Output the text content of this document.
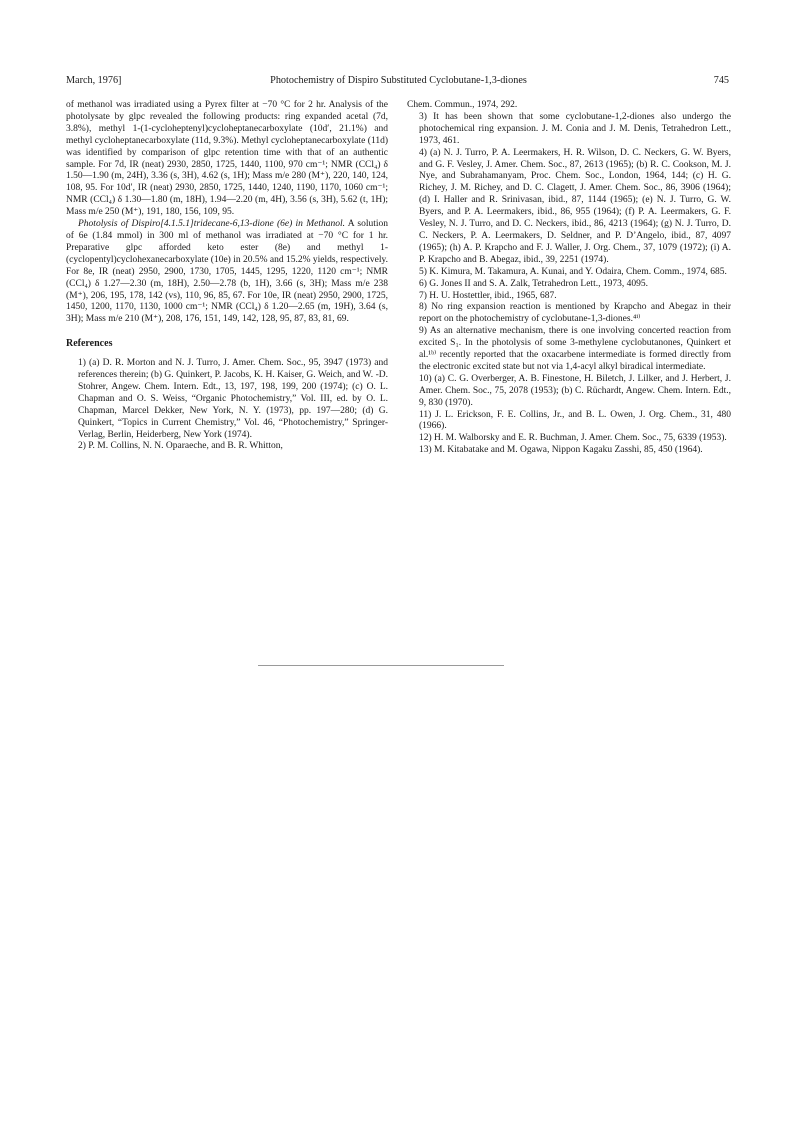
March, 1976]	Photochemistry of Dispiro Substituted Cyclobutane-1,3-diones	745

of methanol was irradiated using a Pyrex filter at −70 °C for 2 hr. Analysis of the photolysate by glpc revealed the following products: ring expanded acetal (7d, 3.8%), methyl 1-(1-cycloheptenyl)cycloheptanecarboxylate (10d′, 21.1%) and methyl cycloheptanecarboxylate (11d, 9.3%). Methyl cycloheptanecarboxylate (11d) was identified by comparison of glpc retention time with that of an authentic sample. For 7d, IR (neat) 2930, 2850, 1725, 1440, 1100, 970 cm⁻¹; NMR (CCl₄) δ 1.50—1.90 (m, 24H), 3.36 (s, 3H), 4.62 (s, 1H); Mass m/e 280 (M⁺), 220, 140, 124, 108, 95. For 10d′, IR (neat) 2930, 2850, 1725, 1440, 1240, 1190, 1170, 1060 cm⁻¹; NMR (CCl₄) δ 1.30—1.80 (m, 18H), 1.94—2.20 (m, 4H), 3.56 (s, 3H), 5.62 (t, 1H); Mass m/e 250 (M⁺), 191, 180, 156, 109, 95.

Photolysis of Dispiro[4.1.5.1]tridecane-6,13-dione (6e) in Methanol. A solution of 6e (1.84 mmol) in 300 ml of methanol was irradiated at −70 °C for 1 hr. Preparative glpc afforded keto ester (8e) and methyl 1-(cyclopentyl)cyclohexanecarboxylate (10e) in 20.5% and 15.2% yields, respectively. For 8e, IR (neat) 2950, 2900, 1730, 1705, 1445, 1295, 1220, 1120 cm⁻¹; NMR (CCl₄) δ 1.27—2.30 (m, 18H), 2.50—2.78 (b, 1H), 3.66 (s, 3H); Mass m/e 238 (M⁺), 206, 195, 178, 142 (vs), 110, 96, 85, 67. For 10e, IR (neat) 2950, 2900, 1725, 1450, 1200, 1170, 1130, 1000 cm⁻¹; NMR (CCl₄) δ 1.20—2.65 (m, 19H), 3.64 (s, 3H); Mass m/e 210 (M⁺), 208, 176, 151, 149, 142, 128, 95, 87, 83, 81, 69.

References

1) (a) D. R. Morton and N. J. Turro, J. Amer. Chem. Soc., 95, 3947 (1973) and references therein; (b) G. Quinkert, P. Jacobs, K. H. Kaiser, G. Weich, and W. -D. Stohrer, Angew. Chem. Intern. Edt., 13, 197, 198, 199, 200 (1974); (c) O. L. Chapman and O. S. Weiss, “Organic Photochemistry,” Vol. III, ed. by O. L. Chapman, Marcel Dekker, New York, N. Y. (1973), pp. 197—280; (d) G. Quinkert, “Topics in Current Chemistry,” Vol. 46, “Photochemistry,” Springer-Verlag, Berlin, Heiderberg, New York (1974).

2) P. M. Collins, N. N. Oparaeche, and B. R. Whitton,

Chem. Commun., 1974, 292.

3) It has been shown that some cyclobutane-1,2-diones also undergo the photochemical ring expansion. J. M. Conia and J. M. Denis, Tetrahedron Lett., 1973, 461.

4) (a) N. J. Turro, P. A. Leermakers, H. R. Wilson, D. C. Neckers, G. W. Byers, and G. F. Vesley, J. Amer. Chem. Soc., 87, 2613 (1965); (b) R. C. Cookson, M. J. Nye, and Subrahamanyam, Proc. Chem. Soc., London, 1964, 144; (c) H. G. Richey, J. M. Richey, and D. C. Clagett, J. Amer. Chem. Soc., 86, 3906 (1964); (d) I. Haller and R. Srinivasan, ibid., 87, 1144 (1965); (e) N. J. Turro, G. W. Byers, and P. A. Leermakers, ibid., 86, 955 (1964); (f) P. A. Leermakers, G. F. Vesley, N. J. Turro, and D. C. Neckers, ibid., 86, 4213 (1964); (g) N. J. Turro, D. C. Neckers, P. A. Leermakers, D. Seldner, and P. D’Angelo, ibid., 87, 4097 (1965); (h) A. P. Krapcho and F. J. Waller, J. Org. Chem., 37, 1079 (1972); (i) A. P. Krapcho and B. Abegaz, ibid., 39, 2251 (1974).

5) K. Kimura, M. Takamura, A. Kunai, and Y. Odaira, Chem. Comm., 1974, 685.

6) G. Jones II and S. A. Zalk, Tetrahedron Lett., 1973, 4095.

7) H. U. Hostettler, ibid., 1965, 687.

8) No ring expansion reaction is mentioned by Krapcho and Abegaz in their report on the photochemistry of cyclobutane-1,3-diones.⁴ⁱ⁾

9) As an alternative mechanism, there is one involving concerted reaction from excited S₁. In the photolysis of some 3-methylene cyclobutanones, Quinkert et al.¹ᵇ⁾ recently reported that the oxacarbene intermediate is formed directly from the electronic excited state but not via 1,4-acyl alkyl biradical intermediate.

10) (a) C. G. Overberger, A. B. Finestone, H. Biletch, J. Lilker, and J. Herbert, J. Amer. Chem. Soc., 75, 2078 (1953); (b) C. Rüchardt, Angew. Chem. Intern. Edt., 9, 830 (1970).

11) J. L. Erickson, F. E. Collins, Jr., and B. L. Owen, J. Org. Chem., 31, 480 (1966).

12) H. M. Walborsky and E. R. Buchman, J. Amer. Chem. Soc., 75, 6339 (1953).

13) M. Kitabatake and M. Ogawa, Nippon Kagaku Zasshi, 85, 450 (1964).
